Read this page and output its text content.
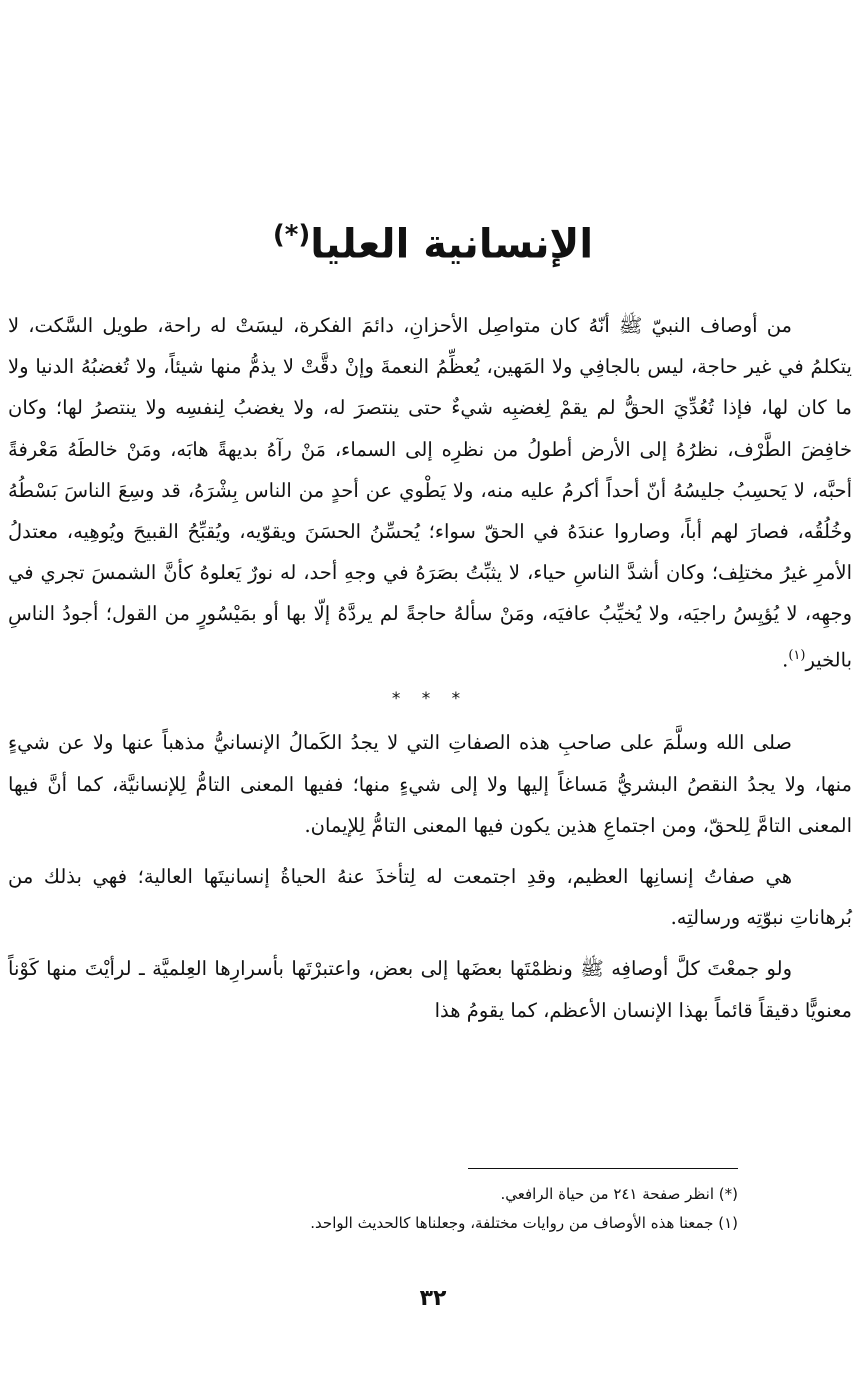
الإنسانية العليا(*)

من أوصاف النبيّ ﷺ أنّهُ كان متواصِل الأحزانِ، دائمَ الفكرة، ليسَتْ له راحة، طويل السَّكت، لا يتكلمُ في غير حاجة، ليس بالجافِي ولا المَهين، يُعظِّمُ النعمةَ وإنْ دقَّتْ لا يذمُّ منها شيئاً، ولا تُغضبُهُ الدنيا ولا ما كان لها، فإذا تُعُدِّيَ الحقُّ لم يقمْ لِغضبِه شيءٌ حتى ينتصرَ له، ولا يغضبُ لِنفسِه ولا ينتصرُ لها؛ وكان خافِضَ الطَّرْف، نظرُهُ إلى الأرض أطولُ من نظرِه إلى السماء، مَنْ رآهُ بديهةً هابَه، ومَنْ خالطَهُ مَعْرفةً أحبَّه، لا يَحسِبُ جليسُهُ أنّ أحداً أكرمُ عليه منه، ولا يَطْوي عن أحدٍ من الناس بِشْرَهُ، قد وسِعَ الناسَ بَسْطُهُ وخُلُقُه، فصارَ لهم أباً، وصاروا عندَهُ في الحقّ سواء؛ يُحسِّنُ الحسَنَ ويقوّيه، ويُقبِّحُ القبيحَ ويُوهِيه، معتدلُ الأمرِ غيرُ مختلِف؛ وكان أشدَّ الناسِ حياء، لا يثبِّتُ بصَرَهُ في وجهِ أحد، له نورٌ يَعلوهُ كأنَّ الشمسَ تجري في وجهِه، لا يُؤيِسُ راجيَه، ولا يُخيِّبُ عافيَه، ومَنْ سألهُ حاجةً لم يردَّهُ إلّا بها أو بمَيْسُورٍ من القول؛ أجودُ الناسِ بالخير$^{(١)}$.

* * *

صلى الله وسلَّمَ على صاحبِ هذه الصفاتِ التي لا يجدُ الكَمالُ الإنسانيُّ مذهباً عنها ولا عن شيءٍ منها، ولا يجدُ النقصُ البشريُّ مَساغاً إليها ولا إلى شيءٍ منها؛ ففيها المعنى التامُّ لِلإنسانيَّة، كما أنَّ فيها المعنى التامَّ لِلحقّ، ومن اجتماعِ هذين يكون فيها المعنى التامُّ لِلإيمان.

هي صفاتُ إنسانِها العظيم، وقدِ اجتمعت له لِتأخذَ عنهُ الحياةُ إنسانيتَها العالية؛ فهي بذلك من بُرهاناتِ نبوّتِه ورسالتِه.

ولو جمعْتَ كلَّ أوصافِه ﷺ ونظمْتَها بعضَها إلى بعض، واعتبرْتَها بأسرارِها العِلميَّة ـ لرأيْتَ منها كَوْناً معنويًّا دقيقاً قائماً بهذا الإنسان الأعظم، كما يقومُ هذا

(*) انظر صفحة ٢٤١ من حياة الرافعي.
(١) جمعنا هذه الأوصاف من روايات مختلفة، وجعلناها كالحديث الواحد.
٣٢
